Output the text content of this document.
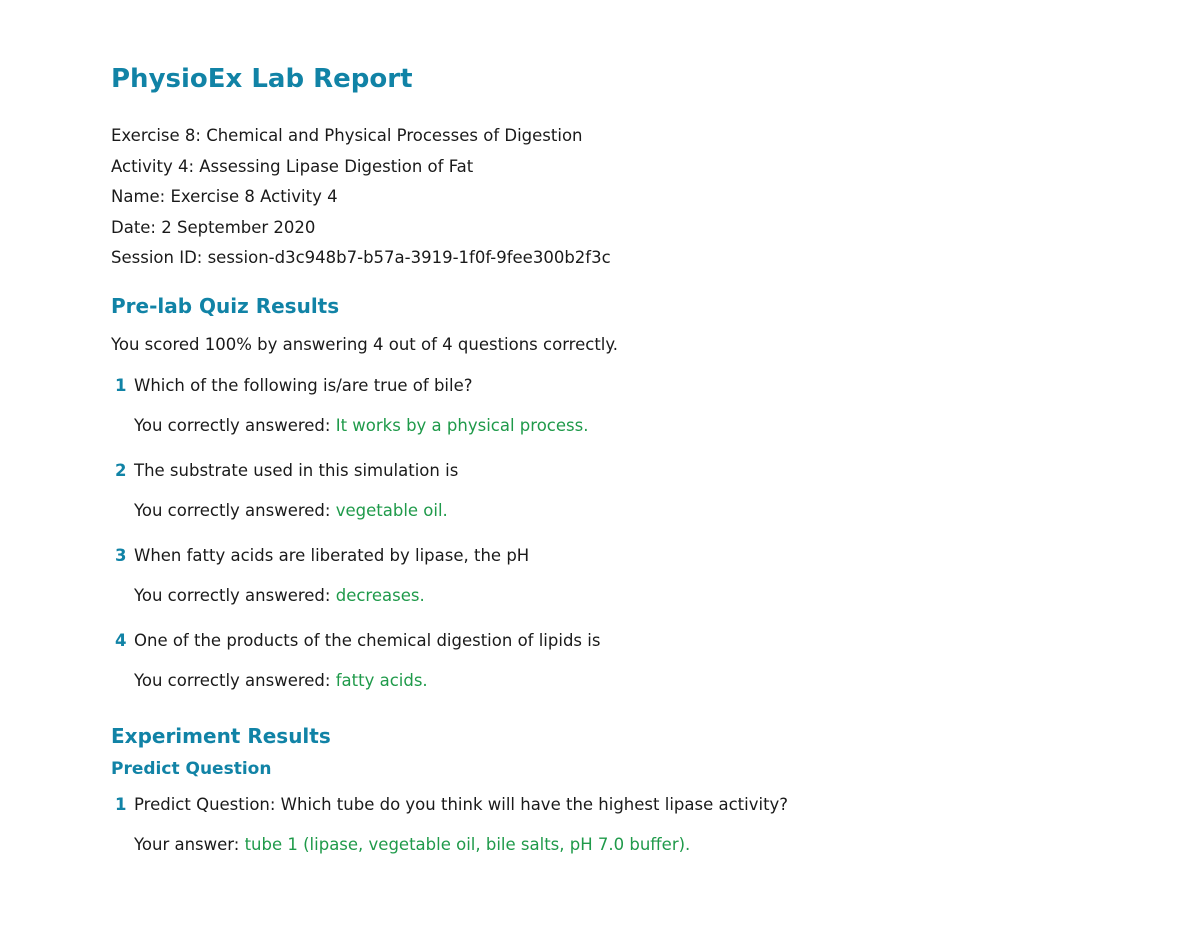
PhysioEx Lab Report
Exercise 8: Chemical and Physical Processes of Digestion
Activity 4: Assessing Lipase Digestion of Fat
Name: Exercise 8 Activity 4
Date: 2 September 2020
Session ID: session-d3c948b7-b57a-3919-1f0f-9fee300b2f3c
Pre-lab Quiz Results
You scored 100% by answering 4 out of 4 questions correctly.
1 Which of the following is/are true of bile?
You correctly answered: It works by a physical process.
2 The substrate used in this simulation is
You correctly answered: vegetable oil.
3 When fatty acids are liberated by lipase, the pH
You correctly answered: decreases.
4 One of the products of the chemical digestion of lipids is
You correctly answered: fatty acids.
Experiment Results
Predict Question
1 Predict Question: Which tube do you think will have the highest lipase activity?
Your answer: tube 1 (lipase, vegetable oil, bile salts, pH 7.0 buffer).
